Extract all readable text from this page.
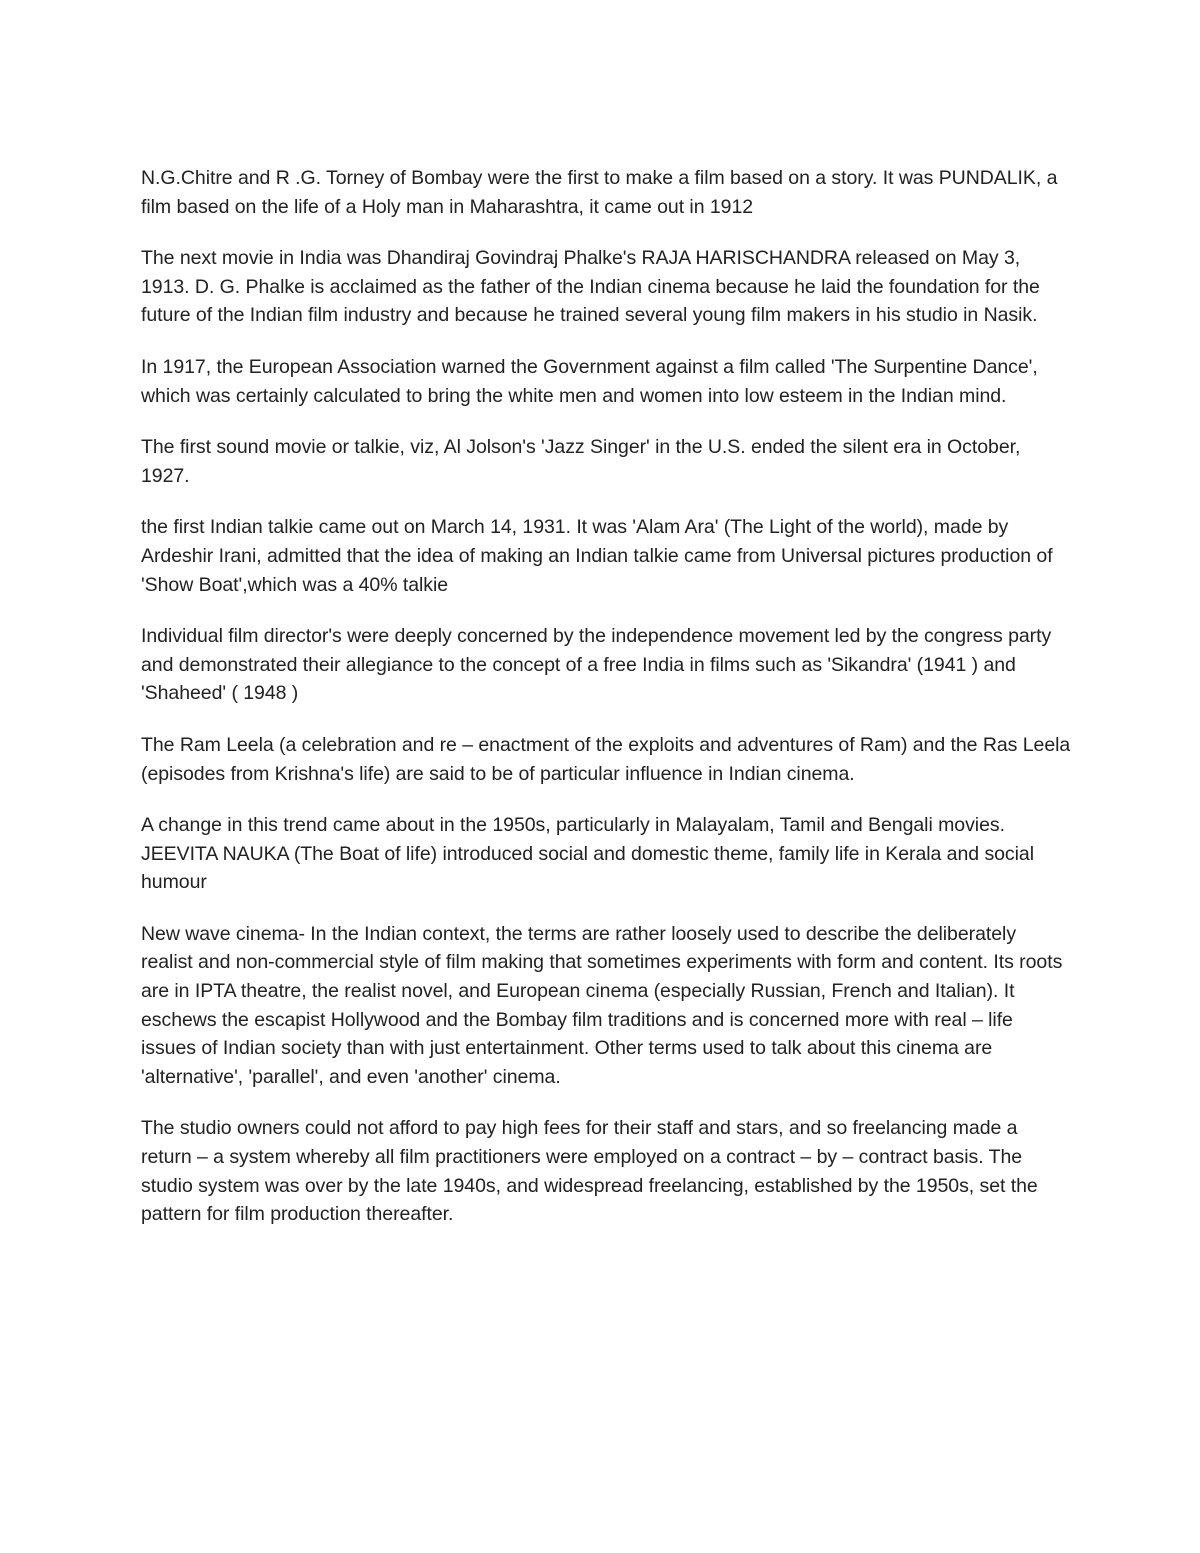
N.G.Chitre and R .G. Torney of Bombay were the first to make a film based on a story. It was PUNDALIK, a film based on the life of a Holy man in Maharashtra, it came out in 1912

The next movie in India was Dhandiraj Govindraj Phalke's RAJA HARISCHANDRA released on May 3, 1913. D. G. Phalke is acclaimed as the father of the Indian cinema because he laid the foundation for the future of the Indian film industry and because he trained several young film makers in his studio in Nasik.

In 1917, the European Association warned the Government against a film called 'The Surpentine Dance', which was certainly calculated to bring the white men and women into low esteem in the Indian mind.

The first sound movie or talkie, viz, Al Jolson's 'Jazz Singer' in the U.S. ended the silent era in October, 1927.

the first Indian talkie came out on March 14, 1931. It was 'Alam Ara' (The Light of the world), made by Ardeshir Irani, admitted that the idea of making an Indian talkie came from Universal pictures production of 'Show Boat',which was a 40% talkie

Individual film director's were deeply concerned by the independence movement led by the congress party and demonstrated their allegiance to the concept of a free India in films such as 'Sikandra' (1941 ) and 'Shaheed' ( 1948 )

The Ram Leela (a celebration and re – enactment of the exploits and adventures of Ram) and the Ras Leela (episodes from Krishna's life) are said to be of particular influence in Indian cinema.

A change in this trend came about in the 1950s, particularly in Malayalam, Tamil and Bengali movies. JEEVITA NAUKA (The Boat of life) introduced social and domestic theme, family life in Kerala and social humour

New wave cinema- In the Indian context, the terms are rather loosely used to describe the deliberately realist and non-commercial style of film making that sometimes experiments with form and content. Its roots are in IPTA theatre, the realist novel, and European cinema (especially Russian, French and Italian). It eschews the escapist Hollywood and the Bombay film traditions and is concerned more with real – life issues of Indian society than with just entertainment. Other terms used to talk about this cinema are 'alternative', 'parallel', and even 'another' cinema.

The studio owners could not afford to pay high fees for their staff and stars, and so freelancing made a return – a system whereby all film practitioners were employed on a contract – by – contract basis. The studio system was over by the late 1940s, and widespread freelancing, established by the 1950s, set the pattern for film production thereafter.
